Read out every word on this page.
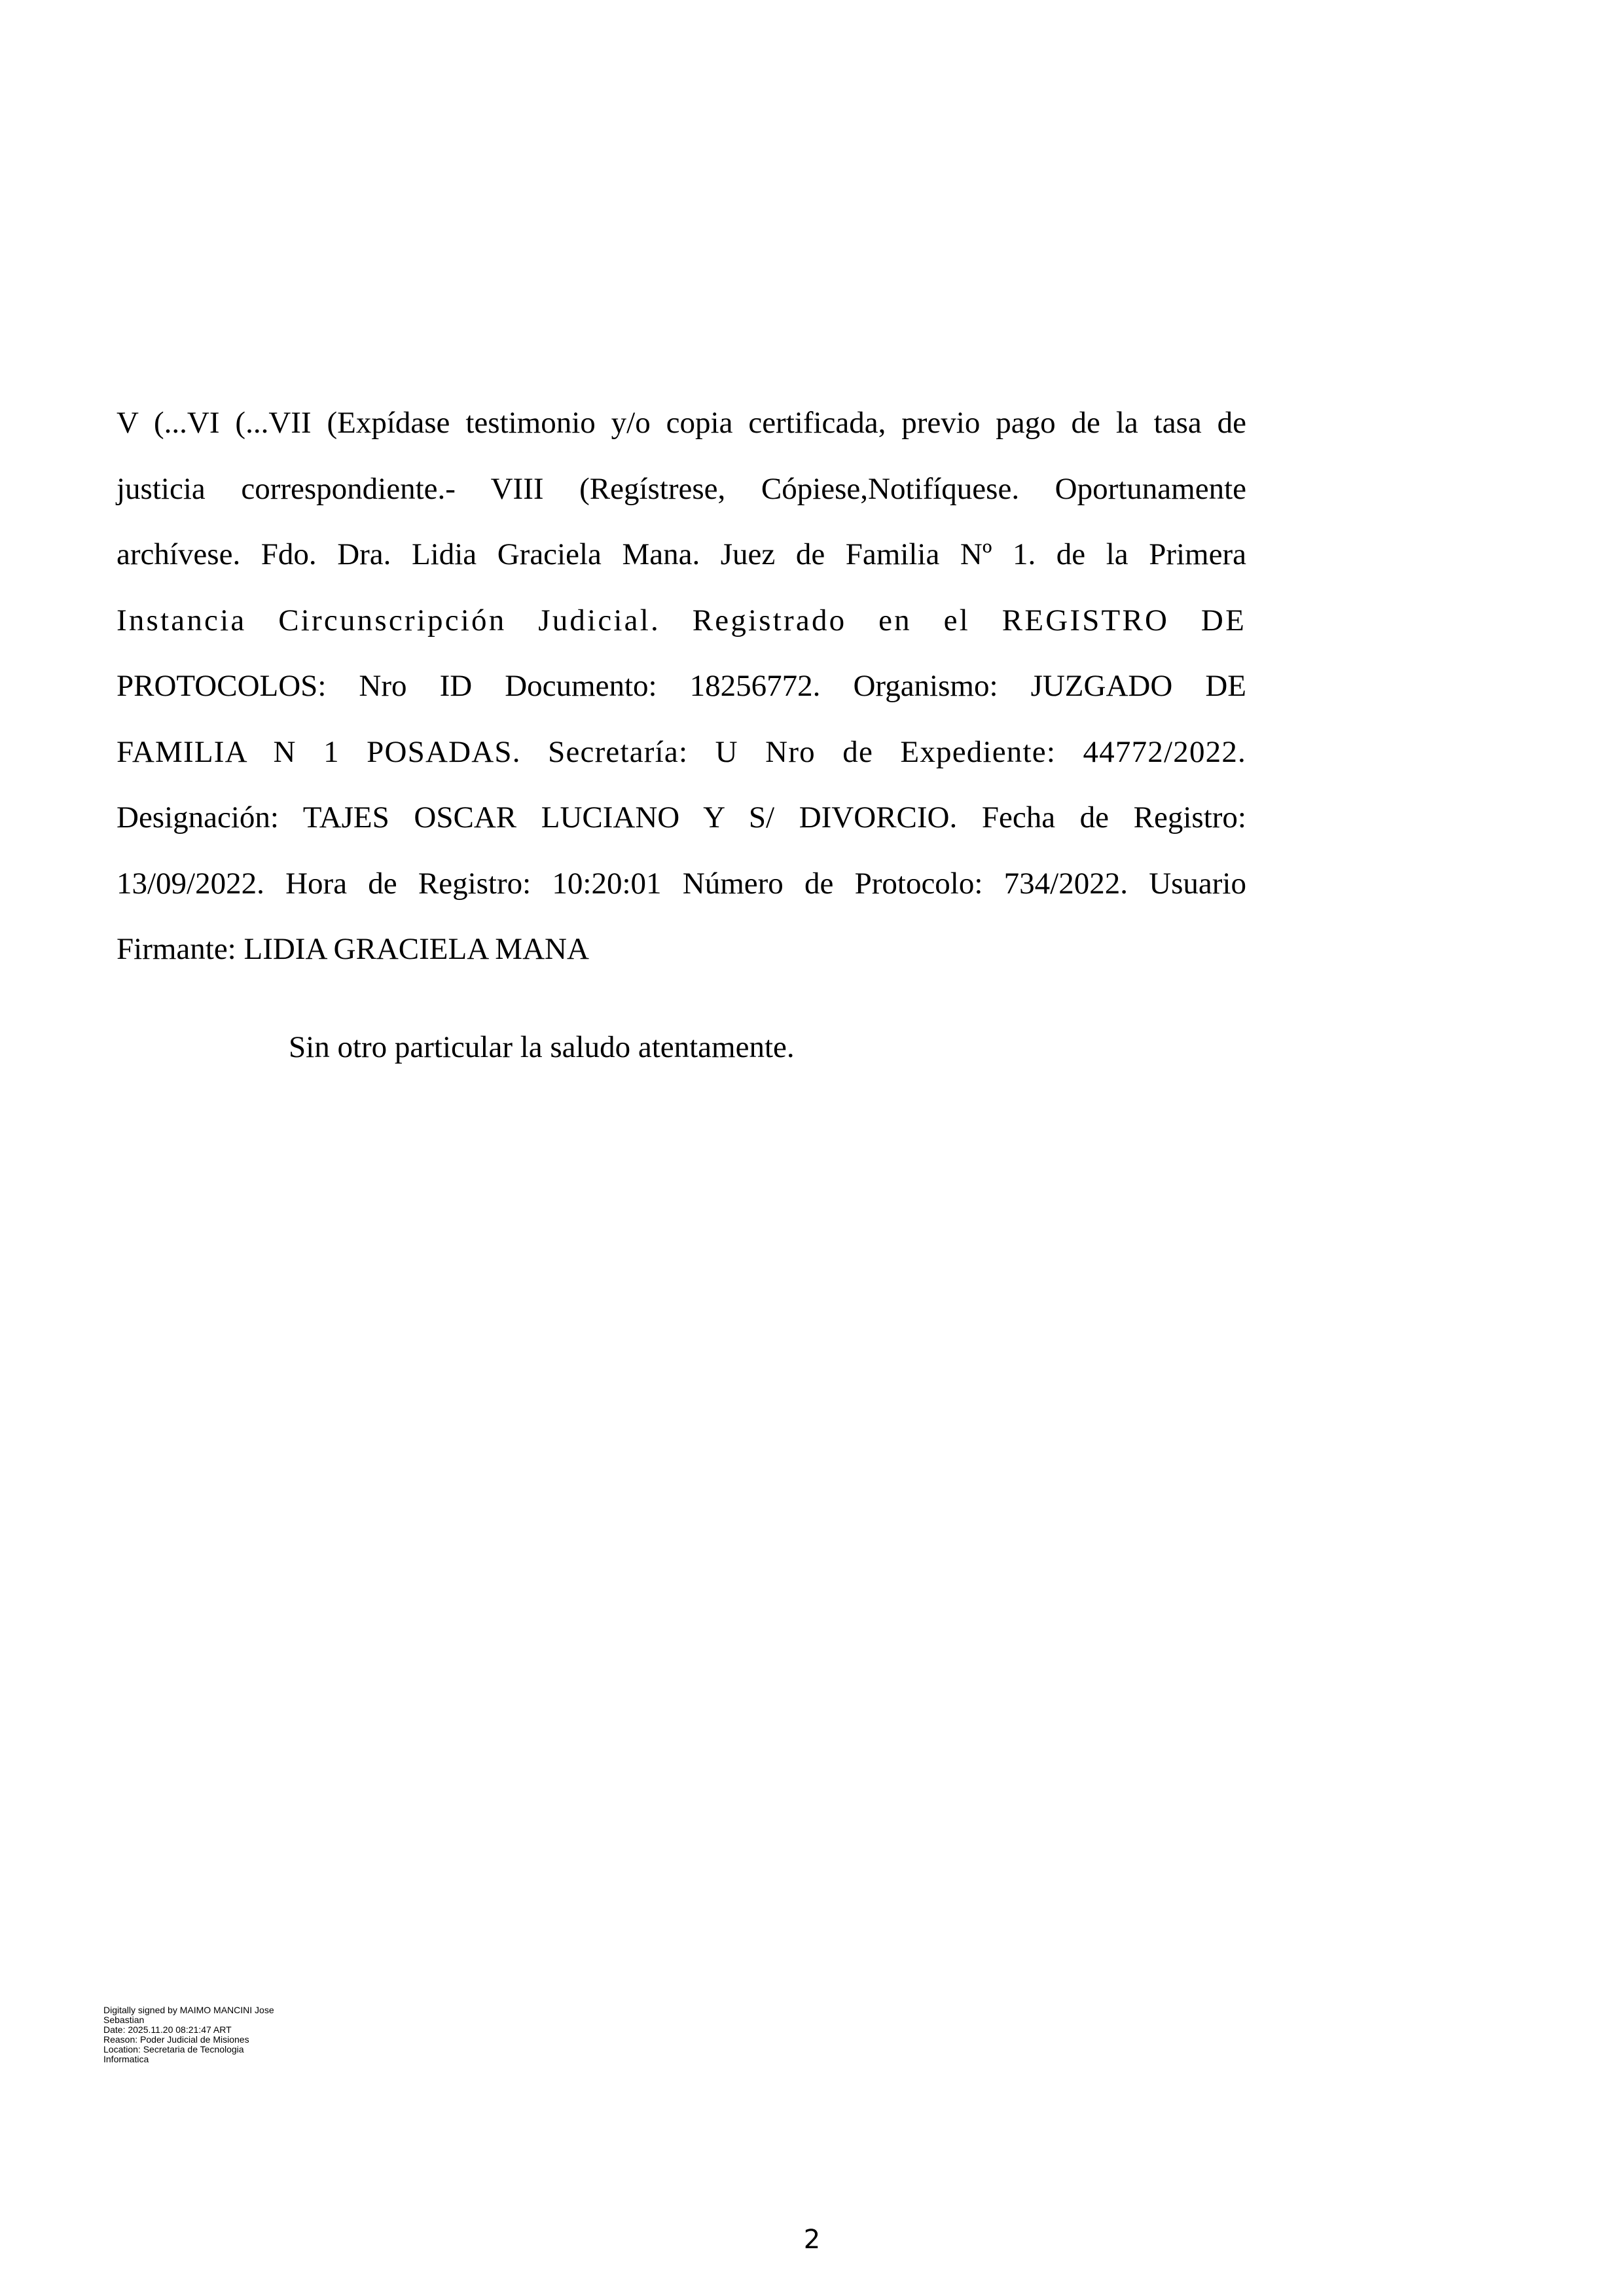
V (...VI (...VII (Expídase testimonio y/o copia certificada, previo pago de la tasa de
justicia correspondiente.- VIII (Regístrese, Cópiese,Notifíquese. Oportunamente
archívese. Fdo. Dra. Lidia Graciela Mana. Juez de Familia Nº 1. de la Primera
Instancia Circunscripción Judicial. Registrado en el REGISTRO DE
PROTOCOLOS: Nro ID Documento: 18256772. Organismo: JUZGADO DE
FAMILIA N 1 POSADAS. Secretaría: U Nro de Expediente: 44772/2022.
Designación: TAJES OSCAR LUCIANO Y S/ DIVORCIO. Fecha de Registro:
13/09/2022. Hora de Registro: 10:20:01 Número de Protocolo: 734/2022. Usuario
Firmante: LIDIA GRACIELA MANA

Sin otro particular la saludo atentamente.

Digitally signed by MAIMO MANCINI Jose
Sebastian
Date: 2025.11.20 08:21:47 ART
Reason: Poder Judicial de Misiones
Location: Secretaria de Tecnologia
Informatica
2
